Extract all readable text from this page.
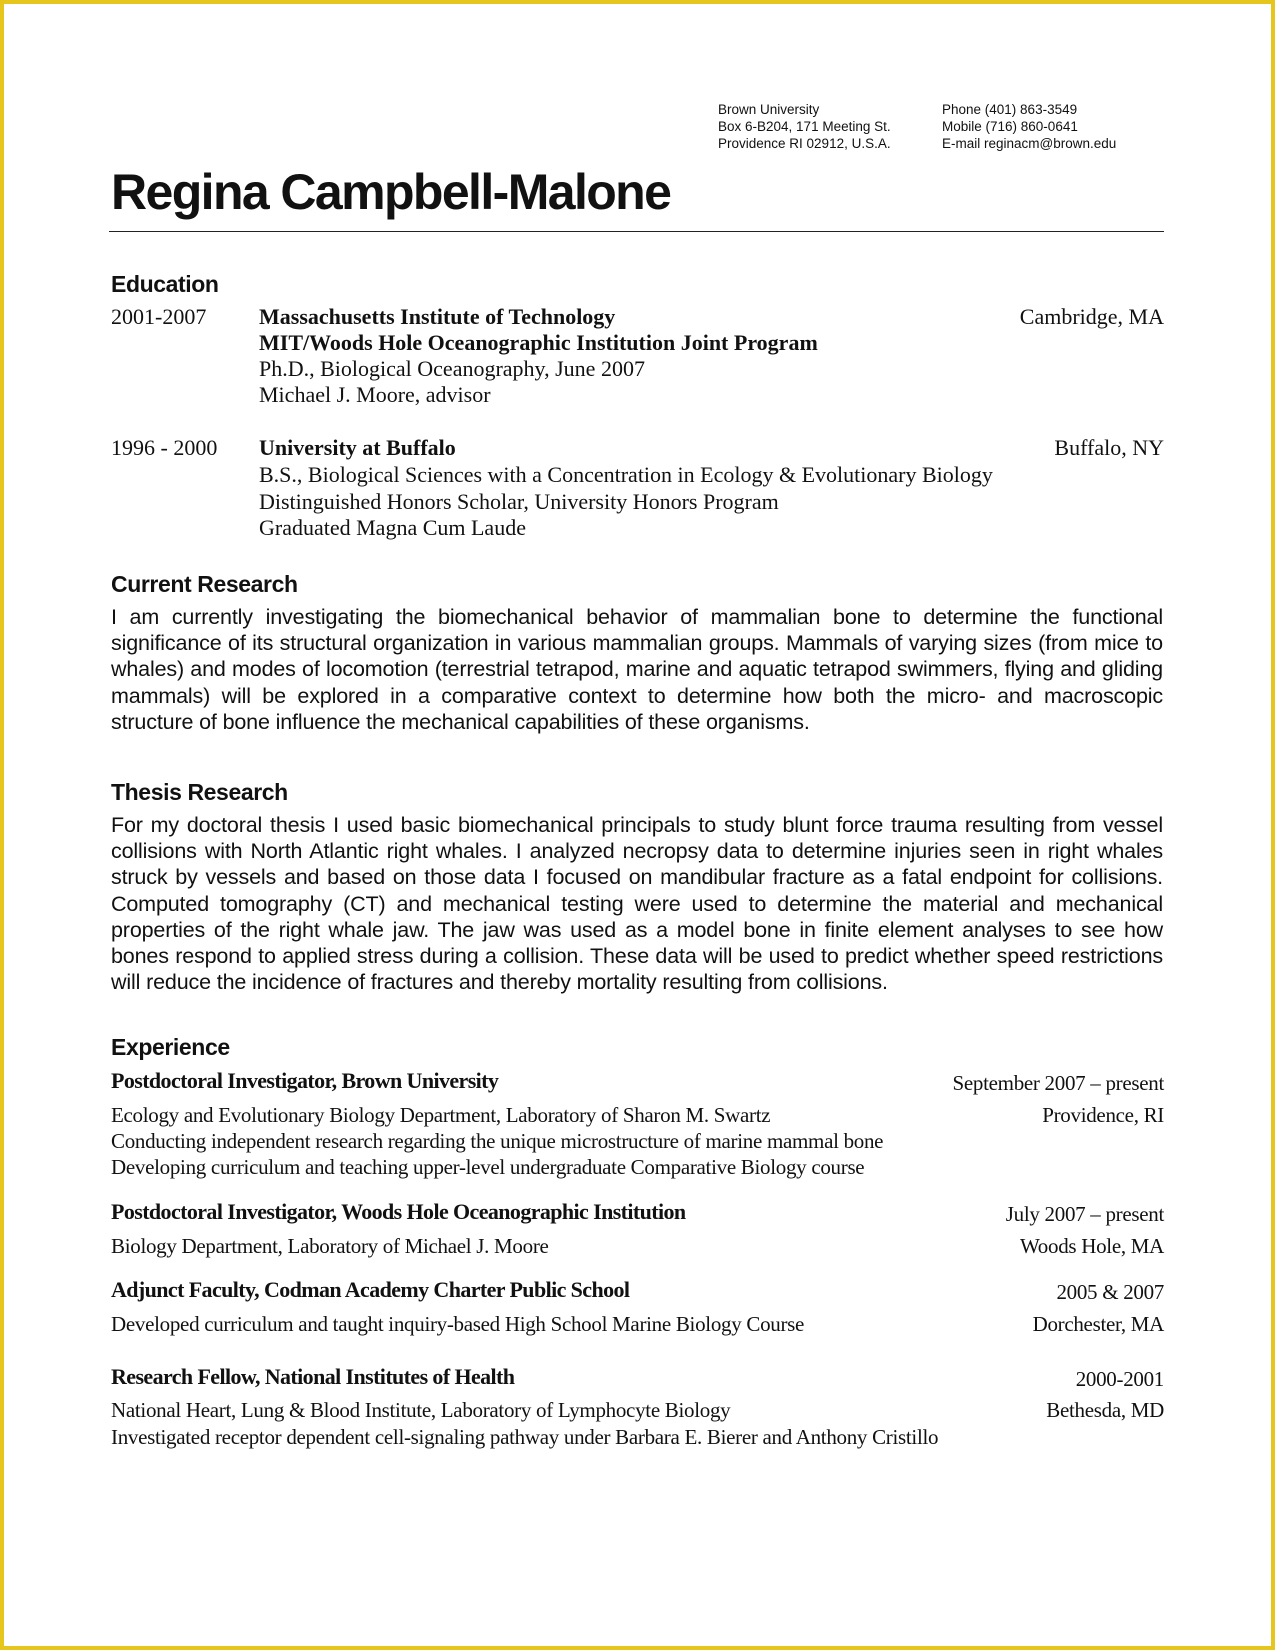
Brown University
Box 6-B204, 171 Meeting St.
Providence RI 02912, U.S.A.
Phone (401) 863-3549
Mobile (716) 860-0641
E-mail reginacm@brown.edu
Regina Campbell-Malone
Education
2001-2007 Massachusetts Institute of Technology	Cambridge, MA
MIT/Woods Hole Oceanographic Institution Joint Program
Ph.D., Biological Oceanography, June 2007
Michael J. Moore, advisor
1996 - 2000 University at Buffalo	Buffalo, NY
B.S., Biological Sciences with a Concentration in Ecology & Evolutionary Biology
Distinguished Honors Scholar, University Honors Program
Graduated Magna Cum Laude
Current Research
I am currently investigating the biomechanical behavior of mammalian bone to determine the functional significance of its structural organization in various mammalian groups. Mammals of varying sizes (from mice to whales) and modes of locomotion (terrestrial tetrapod, marine and aquatic tetrapod swimmers, flying and gliding mammals) will be explored in a comparative context to determine how both the micro- and macroscopic structure of bone influence the mechanical capabilities of these organisms.
Thesis Research
For my doctoral thesis I used basic biomechanical principals to study blunt force trauma resulting from vessel collisions with North Atlantic right whales. I analyzed necropsy data to determine injuries seen in right whales struck by vessels and based on those data I focused on mandibular fracture as a fatal endpoint for collisions. Computed tomography (CT) and mechanical testing were used to determine the material and mechanical properties of the right whale jaw. The jaw was used as a model bone in finite element analyses to see how bones respond to applied stress during a collision. These data will be used to predict whether speed restrictions will reduce the incidence of fractures and thereby mortality resulting from collisions.
Experience
Postdoctoral Investigator, Brown University	September 2007 – present
Ecology and Evolutionary Biology Department, Laboratory of Sharon M. Swartz	Providence, RI
Conducting independent research regarding the unique microstructure of marine mammal bone
Developing curriculum and teaching upper-level undergraduate Comparative Biology course
Postdoctoral Investigator, Woods Hole Oceanographic Institution	July 2007 – present
Biology Department, Laboratory of Michael J. Moore	Woods Hole, MA
Adjunct Faculty, Codman Academy Charter Public School	2005 & 2007
Developed curriculum and taught inquiry-based High School Marine Biology Course	Dorchester, MA
Research Fellow, National Institutes of Health	2000-2001
National Heart, Lung & Blood Institute, Laboratory of Lymphocyte Biology	Bethesda, MD
Investigated receptor dependent cell-signaling pathway under Barbara E. Bierer and Anthony Cristillo
